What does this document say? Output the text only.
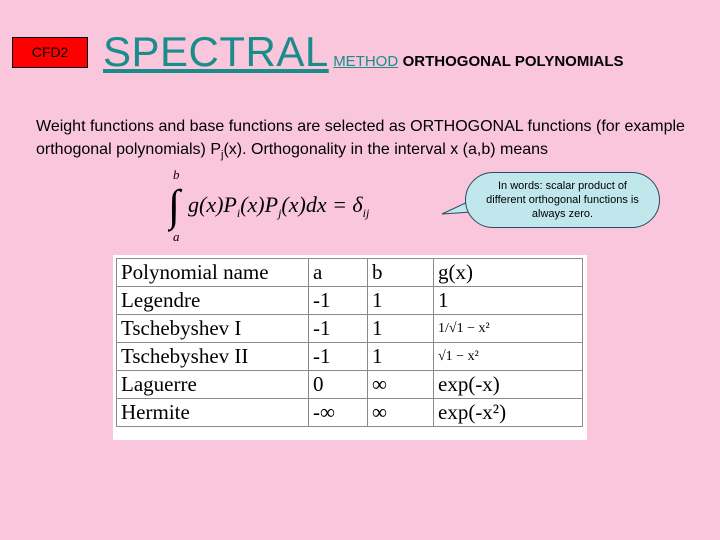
CFD2 SPECTRAL METHOD ORTHOGONAL POLYNOMIALS
Weight functions and base functions are selected as ORTHOGONAL functions (for example orthogonal polynomials) $P_j(x)$. Orthogonality in the interval x (a,b) means
b
∫
a
$g(x)P_i(x)P_j(x)dx = \delta_{ij}$
In words: scalar product of different orthogonal functions is always zero.
Polynomial name	a	b	g(x)
Legendre	-1	1	1
Tschebyshev I	-1	1	1/√1 − x²
Tschebyshev II	-1	1	√1 − x²
Laguerre	0	∞	exp(-x)
Hermite	-∞	∞	exp(-x²)
